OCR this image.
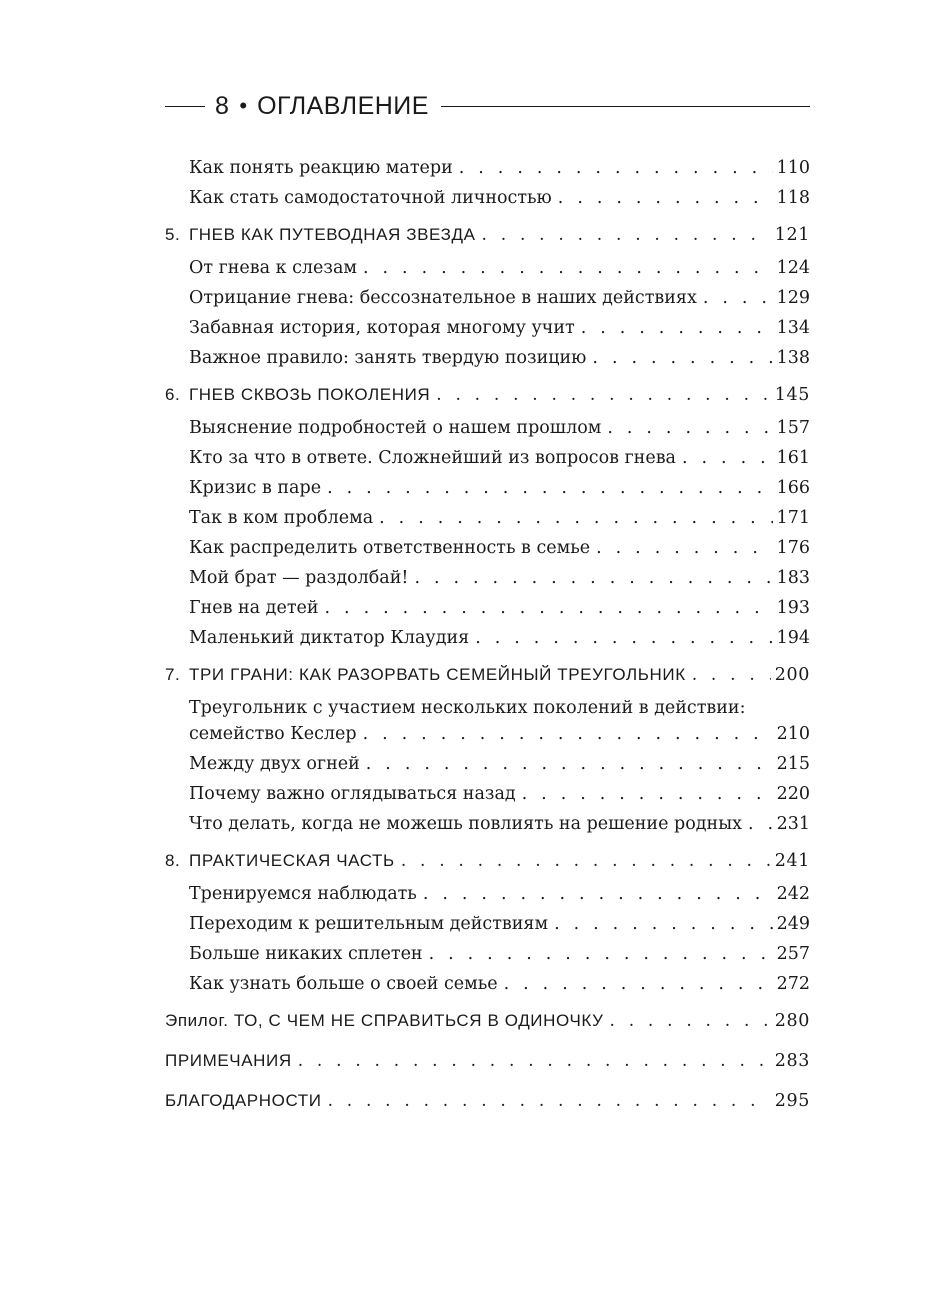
8 • ОГЛАВЛЕНИЕ
Как понять реакцию матери . . .	110
Как стать самодостаточной личностью . . .	118
5. ГНЕВ КАК ПУТЕВОДНАЯ ЗВЕЗДА . . .	121
От гнева к слезам . . .	124
Отрицание гнева: бессознательное в наших действиях . . .	129
Забавная история, которая многому учит . . .	134
Важное правило: занять твердую позицию . . .	138
6. ГНЕВ СКВОЗЬ ПОКОЛЕНИЯ . . .	145
Выяснение подробностей о нашем прошлом . . .	157
Кто за что в ответе. Сложнейший из вопросов гнева . . .	161
Кризис в паре . . .	166
Так в ком проблема . . .	171
Как распределить ответственность в семье . . .	176
Мой брат — раздолбай! . . .	183
Гнев на детей . . .	193
Маленький диктатор Клаудия . . .	194
7. ТРИ ГРАНИ: КАК РАЗОРВАТЬ СЕМЕЙНЫЙ ТРЕУГОЛЬНИК . . .	200
Треугольник с участием нескольких поколений в действии:
семейство Кеслер . . .	210
Между двух огней . . .	215
Почему важно оглядываться назад . . .	220
Что делать, когда не можешь повлиять на решение родных . . . 231
8. ПРАКТИЧЕСКАЯ ЧАСТЬ . . .	241
Тренируемся наблюдать . . .	242
Переходим к решительным действиям . . .	249
Больше никаких сплетен . . .	257
Как узнать больше о своей семье . . .	272
Эпилог. ТО, С ЧЕМ НЕ СПРАВИТЬСЯ В ОДИНОЧКУ . . .	280
ПРИМЕЧАНИЯ . . .	283
БЛАГОДАРНОСТИ . . .	295
